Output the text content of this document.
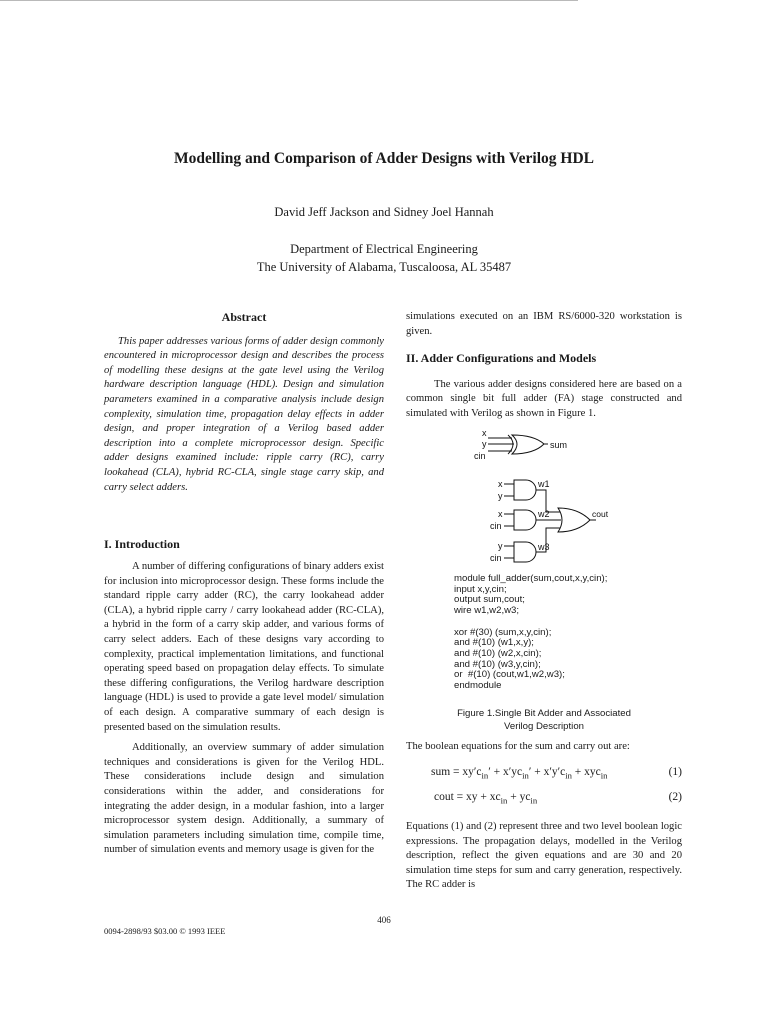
Modelling and Comparison of Adder Designs with Verilog HDL
David Jeff Jackson and Sidney Joel Hannah
Department of Electrical Engineering
The University of Alabama, Tuscaloosa, AL 35487
Abstract

This paper addresses various forms of adder design commonly encountered in microprocessor design and describes the process of modelling these designs at the gate level using the Verilog hardware description language (HDL). Design and simulation parameters examined in a comparative analysis include design complexity, simulation time, propagation delay effects in adder design, and proper integration of a Verilog based adder description into a complete microprocessor design. Specific adder designs examined include: ripple carry (RC), carry lookahead (CLA), hybrid RC-CLA, single stage carry skip, and carry select adders.

I. Introduction

A number of differing configurations of binary adders exist for inclusion into microprocessor design. These forms include the standard ripple carry adder (RC), the carry lookahead adder (CLA), a hybrid ripple carry / carry lookahead adder (RC-CLA), a hybrid in the form of a carry skip adder, and various forms of carry select adders. Each of these designs vary according to complexity, practical implementation limitations, and functional operating speed based on propagation delay effects. To simulate these differing configurations, the Verilog hardware description language (HDL) is used to provide a gate level model/ simulation of each design. A comparative summary of each design is presented based on the simulation results.

Additionally, an overview summary of adder simulation techniques and considerations is given for the Verilog HDL. These considerations include design and simulation considerations within the adder, and considerations for integrating the adder design, in a modular fashion, into a larger microprocessor system design. Additionally, a summary of simulation parameters including simulation time, compile time, number of simulation events and memory usage is given for the

simulations executed on an IBM RS/6000-320 workstation is given.

II. Adder Configurations and Models

The various adder designs considered here are based on a common single bit full adder (FA) stage constructed and simulated with Verilog as shown in Figure 1.

x
y
cin
sum
x
y
x
cin
y
cin
w1
w2
w3
cout
module full_adder(sum,cout,x,y,cin);
input x,y,cin;
output sum,cout;
wire w1,w2,w3;
xor #(30) (sum,x,y,cin);
and #(10) (w1,x,y);
and #(10) (w2,x,cin);
and #(10) (w3,y,cin);
or  #(10) (cout,w1,w2,w3);
endmodule
Figure 1.Single Bit Adder and Associated
Verilog Description
The boolean equations for the sum and carry out are:
sum = $xy'c_{in}' + x'yc_{in}' + x'y'c_{in} + xyc_{in}$	(1)
cout = xy + $xc_{in} + yc_{in}$	(2)
Equations (1) and (2) represent three and two level boolean logic expressions. The propagation delays, modelled in the Verilog description, reflect the given equations and are 30 and 20 simulation time steps for sum and carry generation, respectively. The RC adder is
406
0094-2898/93 $03.00 © 1993 IEEE
